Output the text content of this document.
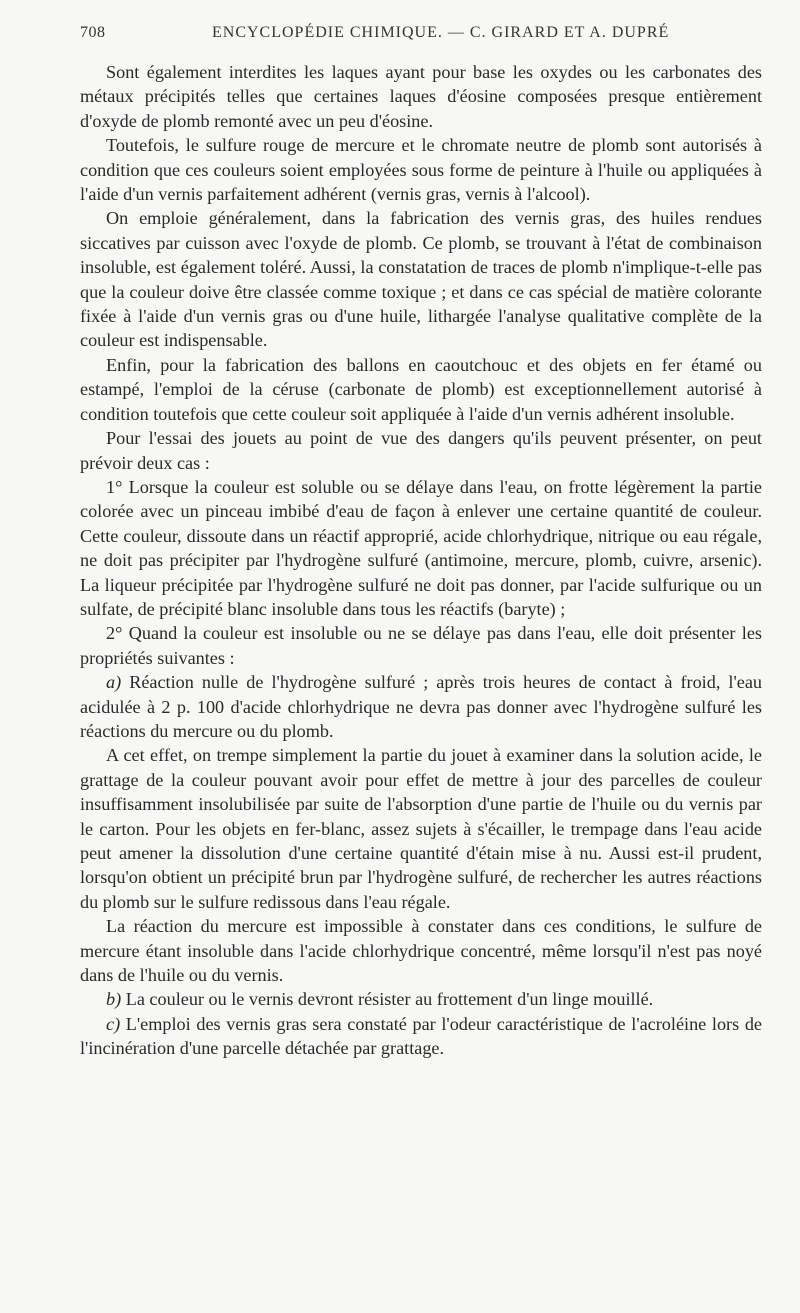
708	ENCYCLOPÉDIE CHIMIQUE. — C. GIRARD ET A. DUPRÉ

Sont également interdites les laques ayant pour base les oxydes ou les carbonates des métaux précipités telles que certaines laques d'éosine composées presque entièrement d'oxyde de plomb remonté avec un peu d'éosine.

Toutefois, le sulfure rouge de mercure et le chromate neutre de plomb sont autorisés à condition que ces couleurs soient employées sous forme de peinture à l'huile ou appliquées à l'aide d'un vernis parfaitement adhérent (vernis gras, vernis à l'alcool).

On emploie généralement, dans la fabrication des vernis gras, des huiles rendues siccatives par cuisson avec l'oxyde de plomb. Ce plomb, se trouvant à l'état de combinaison insoluble, est également toléré. Aussi, la constatation de traces de plomb n'implique-t-elle pas que la couleur doive être classée comme toxique ; et dans ce cas spécial de matière colorante fixée à l'aide d'un vernis gras ou d'une huile, lithargée l'analyse qualitative complète de la couleur est indispensable.

Enfin, pour la fabrication des ballons en caoutchouc et des objets en fer étamé ou estampé, l'emploi de la céruse (carbonate de plomb) est exceptionnellement autorisé à condition toutefois que cette couleur soit appliquée à l'aide d'un vernis adhérent insoluble.

Pour l'essai des jouets au point de vue des dangers qu'ils peuvent présenter, on peut prévoir deux cas :

1° Lorsque la couleur est soluble ou se délaye dans l'eau, on frotte légèrement la partie colorée avec un pinceau imbibé d'eau de façon à enlever une certaine quantité de couleur. Cette couleur, dissoute dans un réactif approprié, acide chlorhydrique, nitrique ou eau régale, ne doit pas précipiter par l'hydrogène sulfuré (antimoine, mercure, plomb, cuivre, arsenic). La liqueur précipitée par l'hydrogène sulfuré ne doit pas donner, par l'acide sulfurique ou un sulfate, de précipité blanc insoluble dans tous les réactifs (baryte) ;

2° Quand la couleur est insoluble ou ne se délaye pas dans l'eau, elle doit présenter les propriétés suivantes :

a) Réaction nulle de l'hydrogène sulfuré ; après trois heures de contact à froid, l'eau acidulée à 2 p. 100 d'acide chlorhydrique ne devra pas donner avec l'hydrogène sulfuré les réactions du mercure ou du plomb.

A cet effet, on trempe simplement la partie du jouet à examiner dans la solution acide, le grattage de la couleur pouvant avoir pour effet de mettre à jour des parcelles de couleur insuffisamment insolubilisée par suite de l'absorption d'une partie de l'huile ou du vernis par le carton. Pour les objets en fer-blanc, assez sujets à s'écailler, le trempage dans l'eau acide peut amener la dissolution d'une certaine quantité d'étain mise à nu. Aussi est-il prudent, lorsqu'on obtient un précipité brun par l'hydrogène sulfuré, de rechercher les autres réactions du plomb sur le sulfure redissous dans l'eau régale.

La réaction du mercure est impossible à constater dans ces conditions, le sulfure de mercure étant insoluble dans l'acide chlorhydrique concentré, même lorsqu'il n'est pas noyé dans de l'huile ou du vernis.

b) La couleur ou le vernis devront résister au frottement d'un linge mouillé.

c) L'emploi des vernis gras sera constaté par l'odeur caractéristique de l'acroléine lors de l'incinération d'une parcelle détachée par grattage.
